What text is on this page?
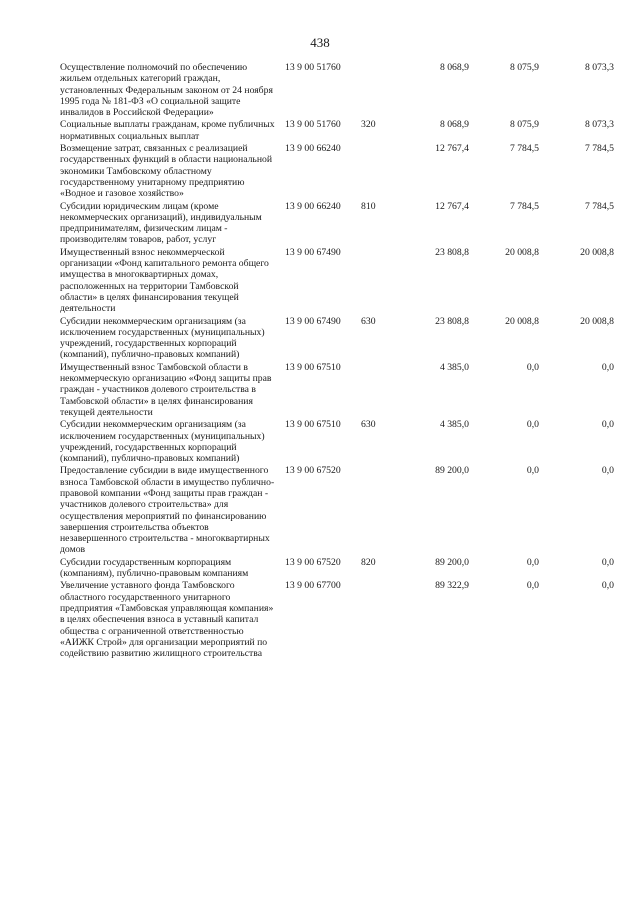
438
Осуществление полномочий по обеспечению жильем отдельных категорий граждан, установленных Федеральным законом от 24 ноября 1995 года № 181-ФЗ «О социальной защите инвалидов в Российской Федерации»	13 9 00 51760		8 068,9	8 075,9	8 073,3
Социальные выплаты гражданам, кроме публичных нормативных социальных выплат	13 9 00 51760	320	8 068,9	8 075,9	8 073,3
Возмещение затрат, связанных с реализацией государственных функций в области национальной экономики Тамбовскому областному государственному унитарному предприятию «Водное и газовое хозяйство»	13 9 00 66240		12 767,4	7 784,5	7 784,5
Субсидии юридическим лицам (кроме некоммерческих организаций), индивидуальным предпринимателям, физическим лицам - производителям товаров, работ, услуг	13 9 00 66240	810	12 767,4	7 784,5	7 784,5
Имущественный взнос некоммерческой организации «Фонд капитального ремонта общего имущества в многоквартирных домах, расположенных на территории Тамбовской области» в целях финансирования текущей деятельности	13 9 00 67490		23 808,8	20 008,8	20 008,8
Субсидии некоммерческим организациям (за исключением государственных (муниципальных) учреждений, государственных корпораций (компаний), публично-правовых компаний)	13 9 00 67490	630	23 808,8	20 008,8	20 008,8
Имущественный взнос Тамбовской области в некоммерческую организацию «Фонд защиты прав граждан - участников долевого строительства в Тамбовской области» в целях финансирования текущей деятельности	13 9 00 67510		4 385,0	0,0	0,0
Субсидии некоммерческим организациям (за исключением государственных (муниципальных) учреждений, государственных корпораций (компаний), публично-правовых компаний)	13 9 00 67510	630	4 385,0	0,0	0,0
Предоставление субсидии в виде имущественного взноса Тамбовской области в имущество публично-правовой компании «Фонд защиты прав граждан - участников долевого строительства» для осуществления мероприятий по финансированию завершения строительства объектов незавершенного строительства - многоквартирных домов	13 9 00 67520		89 200,0	0,0	0,0
Субсидии государственным корпорациям (компаниям), публично-правовым компаниям	13 9 00 67520	820	89 200,0	0,0	0,0
Увеличение уставного фонда Тамбовского областного государственного унитарного предприятия «Тамбовская управляющая компания» в целях обеспечения взноса в уставный капитал общества с ограниченной ответственностью «АИЖК Строй» для организации мероприятий по содействию развитию жилищного строительства	13 9 00 67700		89 322,9	0,0	0,0
